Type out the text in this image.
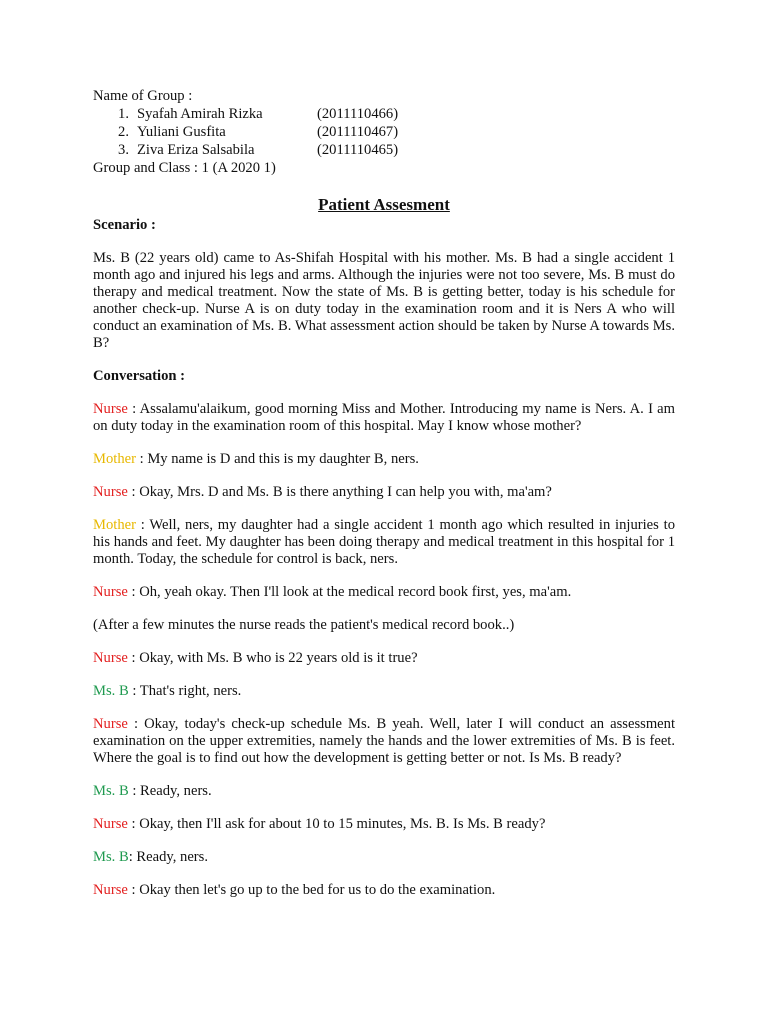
Name of Group :
1. Syafah Amirah Rizka	(2011110466)
2. Yuliani Gusfita	(2011110467)
3. Ziva Eriza Salsabila	(2011110465)
Group and Class : 1 (A 2020 1)
Patient Assesment

Scenario :

Ms. B (22 years old) came to As-Shifah Hospital with his mother. Ms. B had a single accident 1 month ago and injured his legs and arms. Although the injuries were not too severe, Ms. B must do therapy and medical treatment. Now the state of Ms. B is getting better, today is his schedule for another check-up. Nurse A is on duty today in the examination room and it is Ners A who will conduct an examination of Ms. B. What assessment action should be taken by Nurse A towards Ms. B?

Conversation :

Nurse : Assalamu'alaikum, good morning Miss and Mother. Introducing my name is Ners. A. I am on duty today in the examination room of this hospital. May I know whose mother?

Mother : My name is D and this is my daughter B, ners.

Nurse : Okay, Mrs. D and Ms. B is there anything I can help you with, ma'am?

Mother : Well, ners, my daughter had a single accident 1 month ago which resulted in injuries to his hands and feet. My daughter has been doing therapy and medical treatment in this hospital for 1 month. Today, the schedule for control is back, ners.

Nurse : Oh, yeah okay. Then I'll look at the medical record book first, yes, ma'am.

(After a few minutes the nurse reads the patient's medical record book..)

Nurse : Okay, with Ms. B who is 22 years old is it true?

Ms. B : That's right, ners.

Nurse : Okay, today's check-up schedule Ms. B yeah. Well, later I will conduct an assessment examination on the upper extremities, namely the hands and the lower extremities of Ms. B is feet. Where the goal is to find out how the development is getting better or not. Is Ms. B ready?

Ms. B : Ready, ners.

Nurse : Okay, then I'll ask for about 10 to 15 minutes, Ms. B. Is Ms. B ready?

Ms. B: Ready, ners.

Nurse : Okay then let's go up to the bed for us to do the examination.
